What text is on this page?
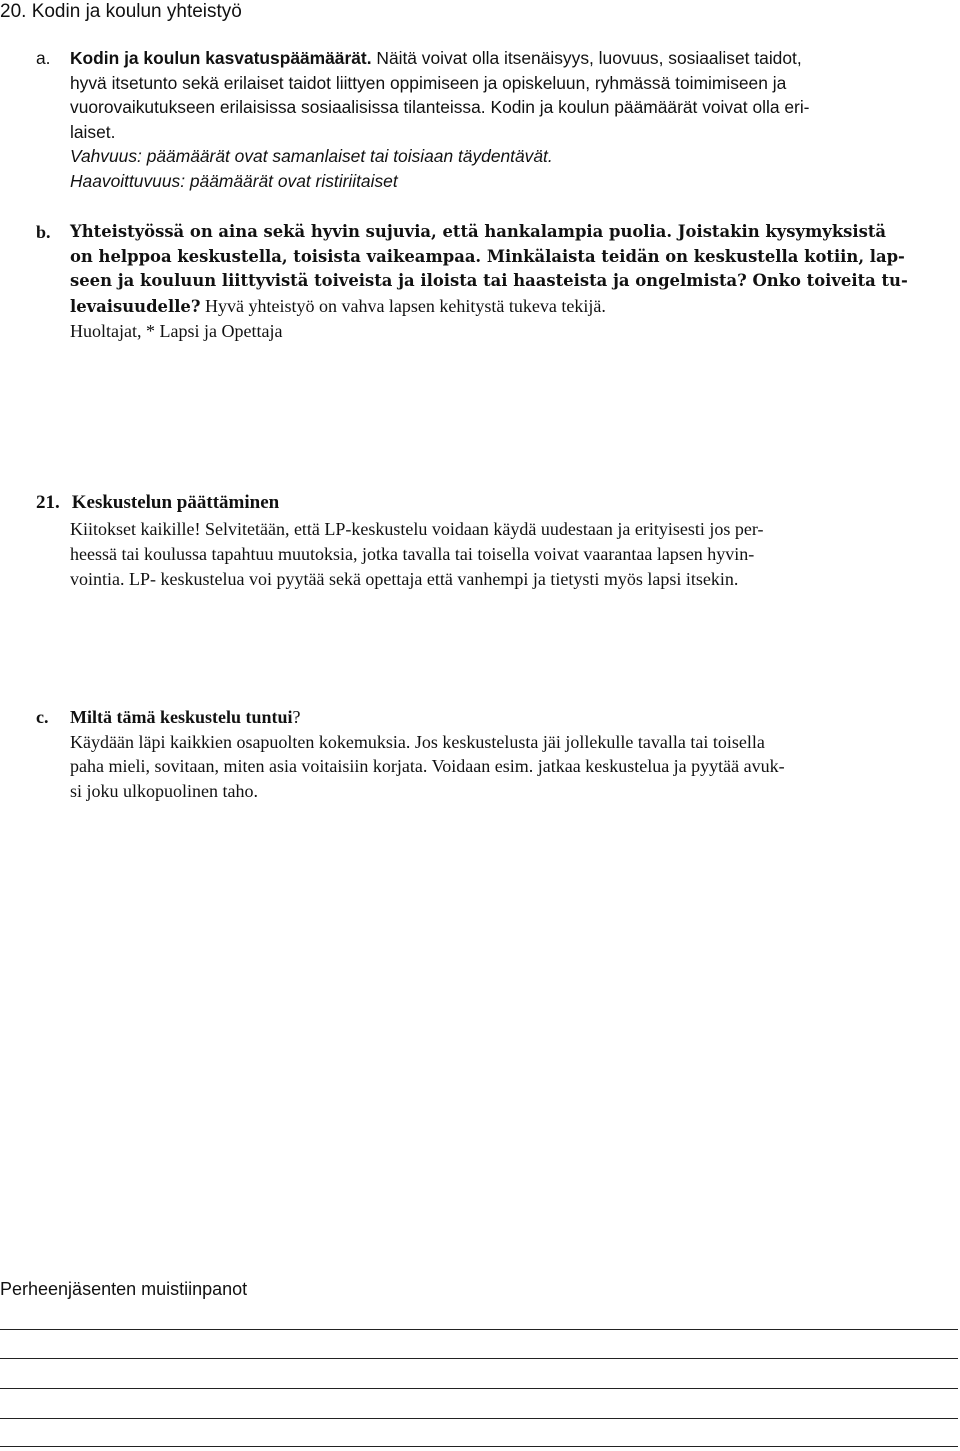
20. Kodin ja koulun yhteistyö
a. Kodin ja koulun kasvatuspäämäärät. Näitä voivat olla itsenäisyys, luovuus, sosiaaliset taidot,
hyvä itsetunto sekä erilaiset taidot liittyen oppimiseen ja opiskeluun, ryhmässä toimimiseen ja
vuorovaikutukseen erilaisissa sosiaalisissa tilanteissa. Kodin ja koulun päämäärät voivat olla eri-
laiset.
Vahvuus: päämäärät ovat samanlaiset tai toisiaan täydentävät.
Haavoittuvuus: päämäärät ovat ristiriitaiset
b. Yhteistyössä on aina sekä hyvin sujuvia, että hankalampia puolia. Joistakin kysymyksistä
on helppoa keskustella, toisista vaikeampaa. Minkälaista teidän on keskustella kotiin, lap-
seen ja kouluun liittyvistä toiveista ja iloista tai haasteista ja ongelmista? Onko toiveita tu-
levaisuudelle? Hyvä yhteistyö on vahva lapsen kehitystä tukeva tekijä.
Huoltajat, * Lapsi ja Opettaja
c. Miltä tämä keskustelu tuntui?
Käydään läpi kaikkien osapuolten kokemuksia. Jos keskustelusta jäi jollekulle tavalla tai toisella
paha mieli, sovitaan, miten asia voitaisiin korjata. Voidaan esim. jatkaa keskustelua ja pyytää avuk-
si joku ulkopuolinen taho.
21. Keskustelun päättäminen
Kiitokset kaikille! Selvitetään, että LP-keskustelu voidaan käydä uudestaan ja erityisesti jos per-
heessä tai koulussa tapahtuu muutoksia, jotka tavalla tai toisella voivat vaarantaa lapsen hyvin-
vointia. LP- keskustelua voi pyytää sekä opettaja että vanhempi ja tietysti myös lapsi itsekin.
Perheenjäsenten muistiinpanot
